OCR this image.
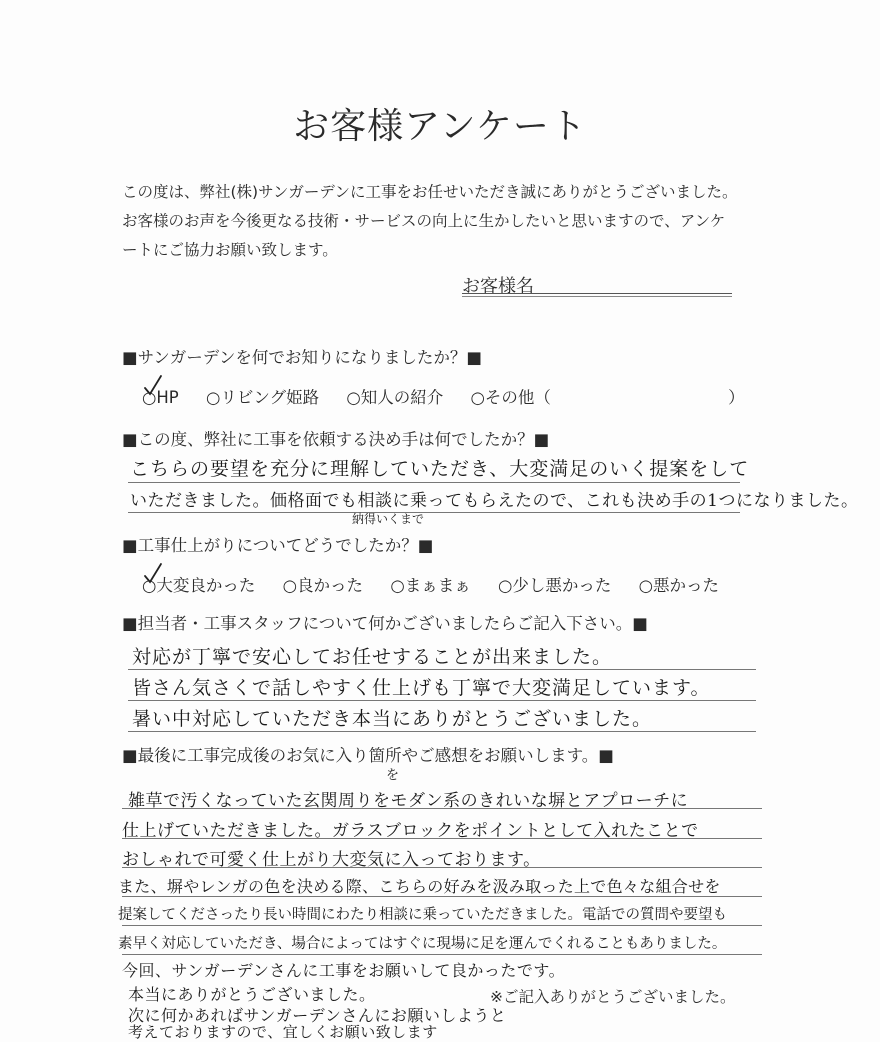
お客様アンケート
この度は、弊社(株)サンガーデンに工事をお任せいただき誠にありがとうございました。
お客様のお声を今後更なる技術・サービスの向上に生かしたいと思いますので、アンケ
ートにご協力お願い致します。
お客様名
■サンガーデンを何でお知りになりましたか？■
○HP ○リビング姫路 ○知人の紹介 ○その他（	）
■この度、弊社に工事を依頼する決め手は何でしたか？■
こちらの要望を充分に理解していただき、大変満足のいく提案をして
いただきました。価格面でも相談に乗ってもらえたので、これも決め手の1つになりました。
納得いくまで
■工事仕上がりについてどうでしたか？■
○大変良かった ○良かった ○まぁまぁ ○少し悪かった ○悪かった
■担当者・工事スタッフについて何かございましたらご記入下さい。■
対応が丁寧で安心してお任せすることが出来ました。
皆さん気さくで話しやすく仕上げも丁寧で大変満足しています。
暑い中対応していただき本当にありがとうございました。
■最後に工事完成後のお気に入り箇所やご感想をお願いします。■
を
雑草で汚くなっていた玄関周りをモダン系のきれいな塀とアプローチに
仕上げていただきました。ガラスブロックをポイントとして入れたことで
おしゃれで可愛く仕上がり大変気に入っております。
また、塀やレンガの色を決める際、こちらの好みを汲み取った上で色々な組合せを
提案してくださったり長い時間にわたり相談に乗っていただきました。電話での質問や要望も
素早く対応していただき、場合によってはすぐに現場に足を運んでくれることもありました。
今回、サンガーデンさんに工事をお願いして良かったです。
本当にありがとうございました。
次に何かあればサンガーデンさんにお願いしようと
考えておりますので、宜しくお願い致します
※ご記入ありがとうございました。
